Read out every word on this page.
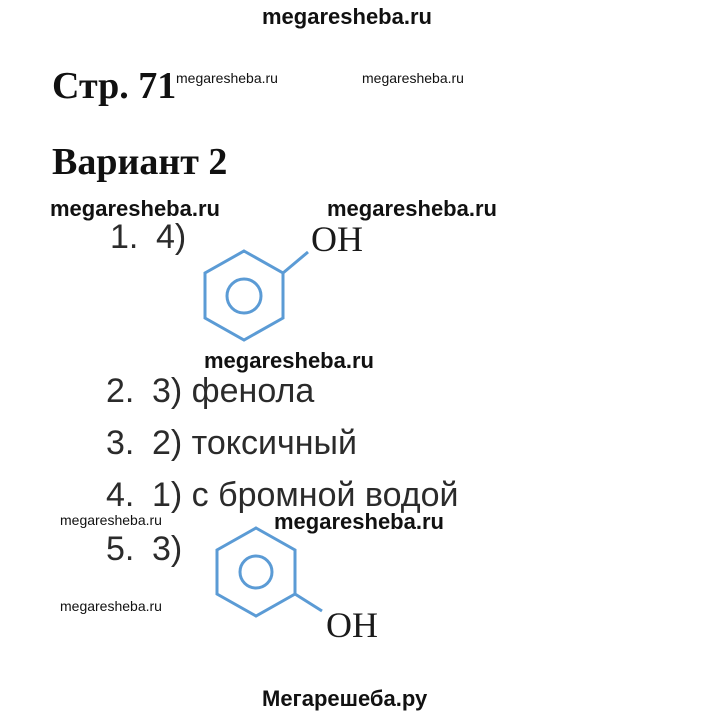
megaresheba.ru
Стр. 71 megaresheba.ru	megaresheba.ru
Вариант 2
megaresheba.ru	megaresheba.ru
1. 4)	OH
megaresheba.ru
2. 3) фенола
3. 2) токсичный
4. 1) с бромной водой
megaresheba.ru	megaresheba.ru
5. 3)
megaresheba.ru	OH
Мегарешеба.ру
